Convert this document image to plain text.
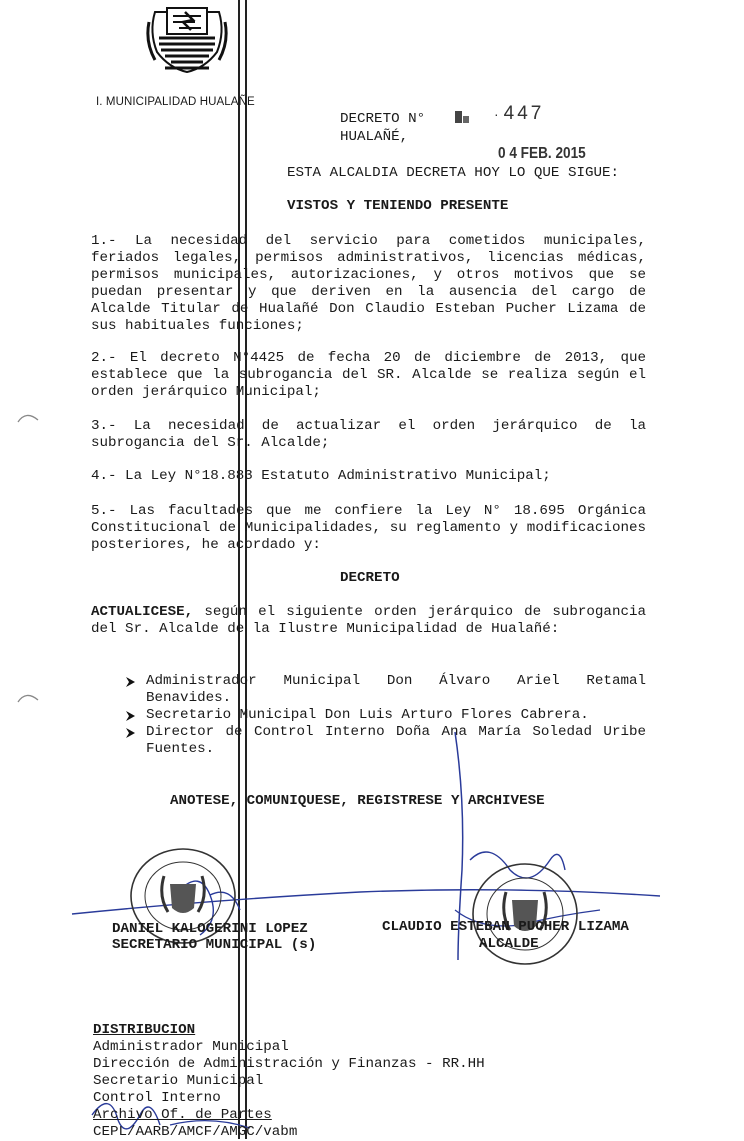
I. MUNICIPALIDAD HUALAÑE
DECRETO N°	· 447
HUALAÑÉ,
0 4 FEB. 2015
ESTA ALCALDIA DECRETA HOY LO QUE SIGUE:
VISTOS Y TENIENDO PRESENTE
1.- La necesidad del servicio para cometidos municipales, feriados legales, permisos administrativos, licencias médicas, permisos municipales, autorizaciones, y otros motivos que se puedan presentar y que deriven en la ausencia del cargo de Alcalde Titular de Hualañé Don Claudio Esteban Pucher Lizama de sus habituales funciones;
2.- El decreto N°4425 de fecha 20 de diciembre de 2013, que establece que la subrogancia del SR. Alcalde se realiza según el orden jerárquico Municipal;
3.- La necesidad de actualizar el orden jerárquico de la subrogancia del Sr. Alcalde;
4.- La Ley N°18.883 Estatuto Administrativo Municipal;
5.- Las facultades que me confiere la Ley N° 18.695 Orgánica Constitucional de Municipalidades, su reglamento y modificaciones posteriores, he acordado y:
DECRETO
ACTUALICESE, según el siguiente orden jerárquico de subrogancia del Sr. Alcalde de la Ilustre Municipalidad de Hualañé:
Administrador Municipal Don Álvaro Ariel Retamal Benavides.
Secretario Municipal Don Luis Arturo Flores Cabrera.
Director de Control Interno Doña Ana María Soledad Uribe Fuentes.
ANOTESE, COMUNIQUESE, REGISTRESE Y ARCHIVESE
DANIEL KALOGERINI LOPEZ
SECRETARIO MUNICIPAL (s)
CLAUDIO ESTEBAN PUCHER LIZAMA
ALCALDE
DISTRIBUCION
Administrador Municipal
Dirección de Administración y Finanzas - RR.HH
Secretario Municipal
Control Interno
Archivo Of. de Partes
CEPL/AARB/AMCF/AMGC/vabm
